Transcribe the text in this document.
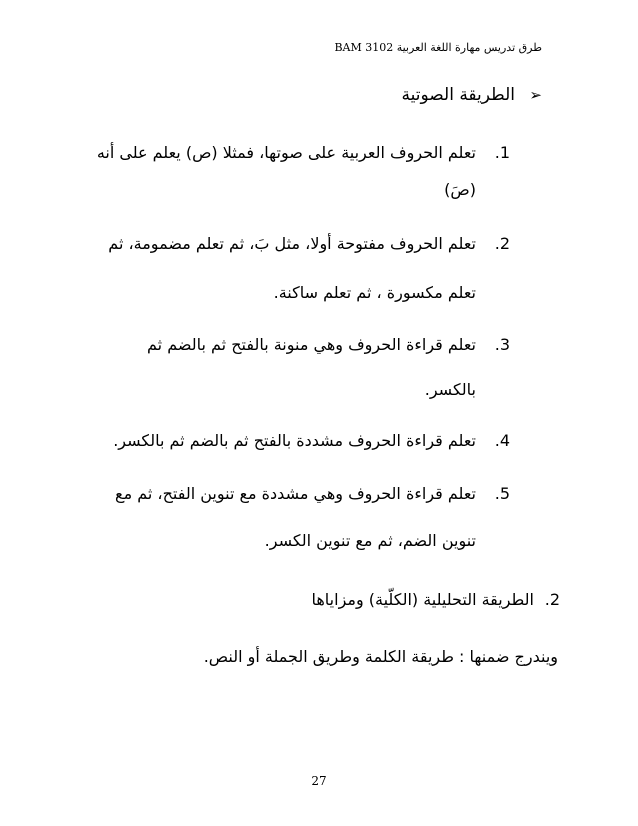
طرق تدريس مهارة اللغة العربية BAM 3102
➢
الطريقة الصوتية
1.
تعلم الحروف العربية على صوتها، فمثلا (ص) يعلم على أنه
(صَ)
2.
تعلم الحروف مفتوحة أولا، مثل بَ، ثم تعلم مضمومة، ثم
تعلم مكسورة ، ثم تعلم ساكنة.
3.
تعلم قراءة الحروف وهي منونة بالفتح ثم بالضم ثم
بالكسر.
4.
تعلم قراءة الحروف مشددة بالفتح ثم بالضم ثم بالكسر.
5.
تعلم قراءة الحروف وهي مشددة مع تنوين الفتح، ثم مع
تنوين الضم، ثم مع تنوين الكسر.
2.
الطريقة التحليلية (الكلّية) ومزاياها
ويندرج ضمنها : طريقة الكلمة وطريق الجملة أو النص.
27
